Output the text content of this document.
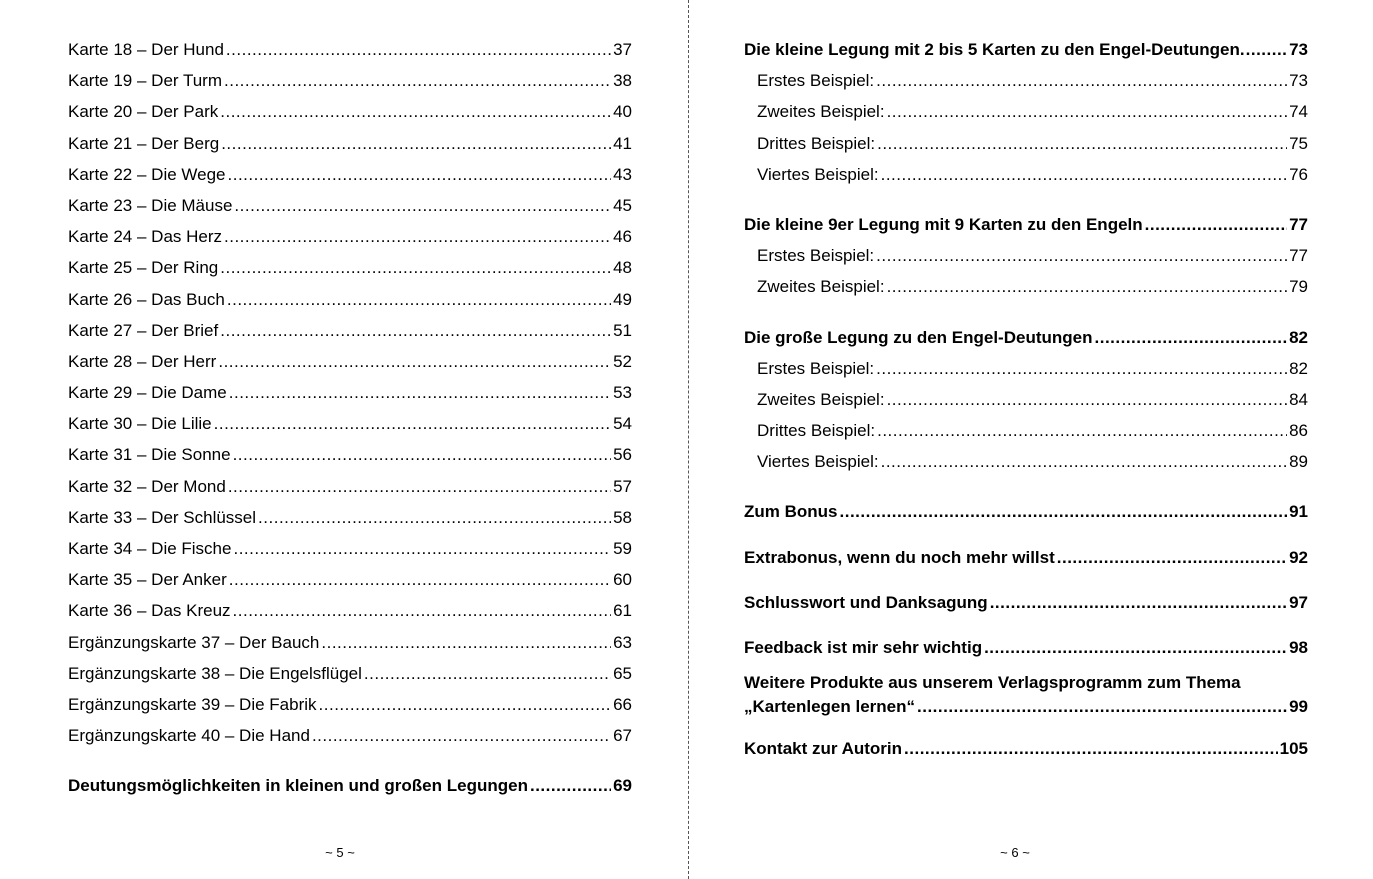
Karte 18 – Der Hund .....	37
Karte 19 – Der Turm .....	38
Karte 20 – Der Park .....	40
Karte 21 – Der Berg .....	41
Karte 22 – Die Wege .....	43
Karte 23 – Die Mäuse .....	45
Karte 24 – Das Herz .....	46
Karte 25 – Der Ring .....	48
Karte 26 – Das Buch .....	49
Karte 27 – Der Brief .....	51
Karte 28 – Der Herr .....	52
Karte 29 – Die Dame .....	53
Karte 30 – Die Lilie .....	54
Karte 31 – Die Sonne .....	56
Karte 32 – Der Mond .....	57
Karte 33 – Der Schlüssel .....	58
Karte 34 – Die Fische .....	59
Karte 35 – Der Anker .....	60
Karte 36 – Das Kreuz .....	61
Ergänzungskarte 37 – Der Bauch .....	63
Ergänzungskarte 38 – Die Engelsflügel .....	65
Ergänzungskarte 39 – Die Fabrik .....	66
Ergänzungskarte 40 – Die Hand .....	67
Deutungsmöglichkeiten in kleinen und großen Legungen .....	69
~ 5 ~
Die kleine Legung mit 2 bis 5 Karten zu den Engel-Deutungen. .....	73
Erstes Beispiel: .....	73
Zweites Beispiel: .....	74
Drittes Beispiel: .....	75
Viertes Beispiel: .....	76
Die kleine 9er Legung mit 9 Karten zu den Engeln .....	77
Erstes Beispiel: .....	77
Zweites Beispiel: .....	79
Die große Legung zu den Engel-Deutungen .....	82
Erstes Beispiel: .....	82
Zweites Beispiel: .....	84
Drittes Beispiel: .....	86
Viertes Beispiel: .....	89
Zum Bonus .....	91
Extrabonus, wenn du noch mehr willst .....	92
Schlusswort und Danksagung .....	97
Feedback ist mir sehr wichtig .....	98
Weitere Produkte aus unserem Verlagsprogramm zum Thema
„Kartenlegen lernen“ .....	99
Kontakt zur Autorin .....	105
~ 6 ~
